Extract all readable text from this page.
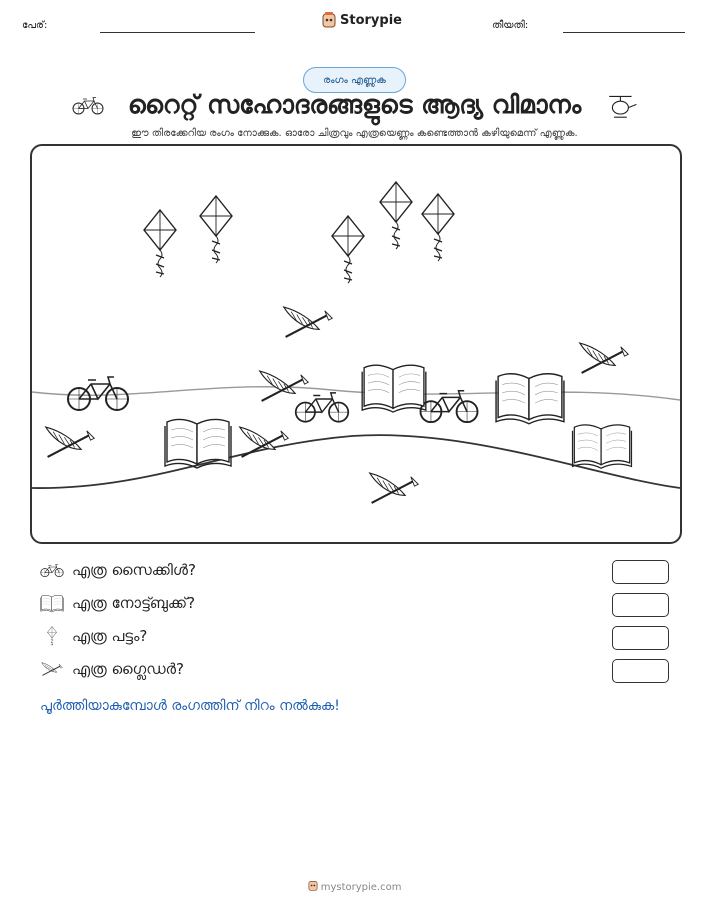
പേര്:	Storypie	തീയതി:
രംഗം എണ്ണുക
റൈറ്റ് സഹോദരങ്ങളുടെ ആദ്യ വിമാനം
ഈ തിരക്കേറിയ രംഗം നോക്കുക. ഓരോ ചിത്രവും എത്രയെണ്ണം കണ്ടെത്താൻ കഴിയുമെന്ന് എണ്ണുക.
എത്ര സൈക്കിൾ?
എത്ര നോട്ട്ബുക്ക്?
എത്ര പട്ടം?
എത്ര ഗ്ലൈഡർ?
പൂർത്തിയാകുമ്പോൾ രംഗത്തിന് നിറം നൽകുക!
mystorypie.com
